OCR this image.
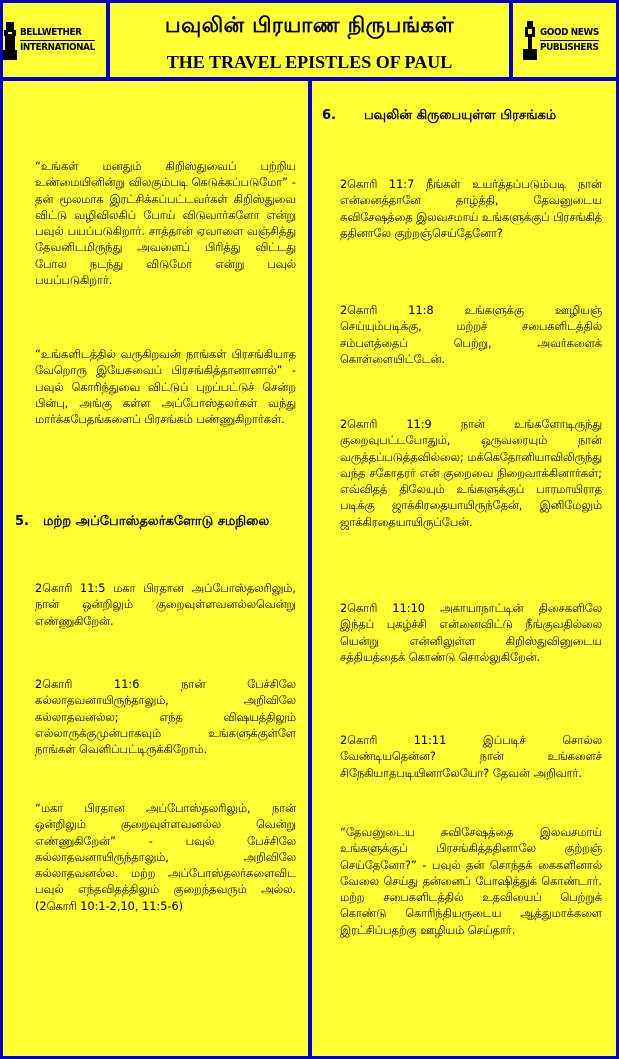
BELLWETHER
INTERNATIONAL
பவுலின் பிரயாண நிருபங்கள்
THE TRAVEL EPISTLES OF PAUL
GOOD NEWS
PUBLISHERS

“உங்கள் மனதும் கிறிஸ்துவைப் பற்றிய உண்மையினின்று விலகும்படி கெடுக்கப்படுமோ” - தன் மூலமாக இரட்சிக்கப்பட்டவர்கள் கிறிஸ்துவை விட்டு வழிவிலகிப் போய் விடுவார்களோ என்று பவுல் பயப்படுகிறார். சாத்தான் ஏவாளை வஞ்சித்து தேவனிடமிருந்து அவளைப் பிரித்து விட்டது போல நடந்து விடுமோ என்று பவுல் பயப்படுகிறார்.

“உங்களிடத்தில் வருகிறவன் நாங்கள் பிரசங்கியாத வேறொரு இயேசுவைப் பிரசங்கித்தானானால்” - பவுல் கொரிந்துவை விட்டுப் புறப்பட்டுச் சென்ற பின்பு, அங்கு கள்ள அப்போஸ்தலர்கள் வந்து மார்க்கபேதங்களைப் பிரசங்கம் பண்ணுகிறார்கள்.

5.	மற்ற அப்போஸ்தலர்களோடு சமநிலை

2கொரி 11:5 மகா பிரதான அப்போஸ்தலரிலும், நான் ஒன்றிலும் குறைவுள்ளவனல்லவென்று எண்ணுகிறேன்.

2கொரி 11:6 நான் பேச்சிலே கல்லாதவனாயிருந்தாலும், அறிவிலே கல்லாதவனல்ல; எந்த விஷயத்திலும் எல்லாருக்குமுன்பாகவும் உங்களுக்குள்ளே நாங்கள் வெளிப்பட்டிருக்கிறோம்.

“மகா பிரதான அப்போஸ்தலரிலும், நான் ஒன்றிலும் குறைவுள்ளவனல்ல வென்று எண்ணுகிறேன்” - பவுல் பேச்சிலே கல்லாதவனாயிருந்தாலும், அறிவிலே கல்லாதவனல்ல. மற்ற அப்போஸ்தலர்களைவிட பவுல் எந்தவிதத்திலும் குறைந்தவரும் அல்ல. (2கொரி 10:1-2,10, 11:5-6)

6.	பவுலின் கிருபையுள்ள பிரசங்கம்

2கொரி 11:7 நீங்கள் உயர்த்தப்படும்படி நான் என்னைத்தானே தாழ்த்தி, தேவனுடைய சுவிசேஷத்தை இலவசமாய் உங்களுக்குப் பிரசங்கித் ததினாலே குற்றஞ்செய்தேனோ?

2கொரி 11:8 உங்களுக்கு ஊழியஞ் செய்யும்படிக்கு, மற்றச் சபைகளிடத்தில் சம்பளத்தைப் பெற்று, அவர்களைக் கொள்ளையிட்டேன்.

2கொரி 11:9 நான் உங்களோடிருந்து குறைவுபட்டபோதும், ஒருவரையும் நான் வருத்தப்படுத்தவில்லை; மக்கெதோனியாவிலிருந்து வந்த சகோதரர் என் குறைவை நிறைவாக்கினார்கள்; எவ்விதத் திலேயும் உங்களுக்குப் பாரமாயிராத படிக்கு ஜாக்கிரதையாயிருந்தேன், இனிமேலும் ஜாக்கிரதையாயிருப்பேன்.

2கொரி 11:10 அகாயாநாட்டின் திசைகளிலே இந்தப் புகழ்ச்சி என்னைவிட்டு நீங்குவதில்லை யென்று என்னிலுள்ள கிறிஸ்துவினுடைய சத்தியத்தைக் கொண்டு சொல்லுகிறேன்.

2கொரி 11:11 இப்படிச் சொல்ல வேண்டியதென்ன? நான் உங்களைச் சிநேகியாதபடியினாலேயோ? தேவன் அறிவார்.

“தேவனுடைய சுவிசேஷத்தை இலவசமாய் உங்களுக்குப் பிரசங்கித்ததினாலே குற்றஞ் செய்தேனோ?” - பவுல் தன் சொந்தக் கைகளினால் வேலை செய்து தன்னைப் போஷித்துக் கொண்டார். மற்ற சபைகளிடத்தில் உதவியைப் பெற்றுக் கொண்டு கொரிந்தியருடைய ஆத்துமாக்களை இரட்சிப்பதற்கு ஊழியம் செய்தார்.
